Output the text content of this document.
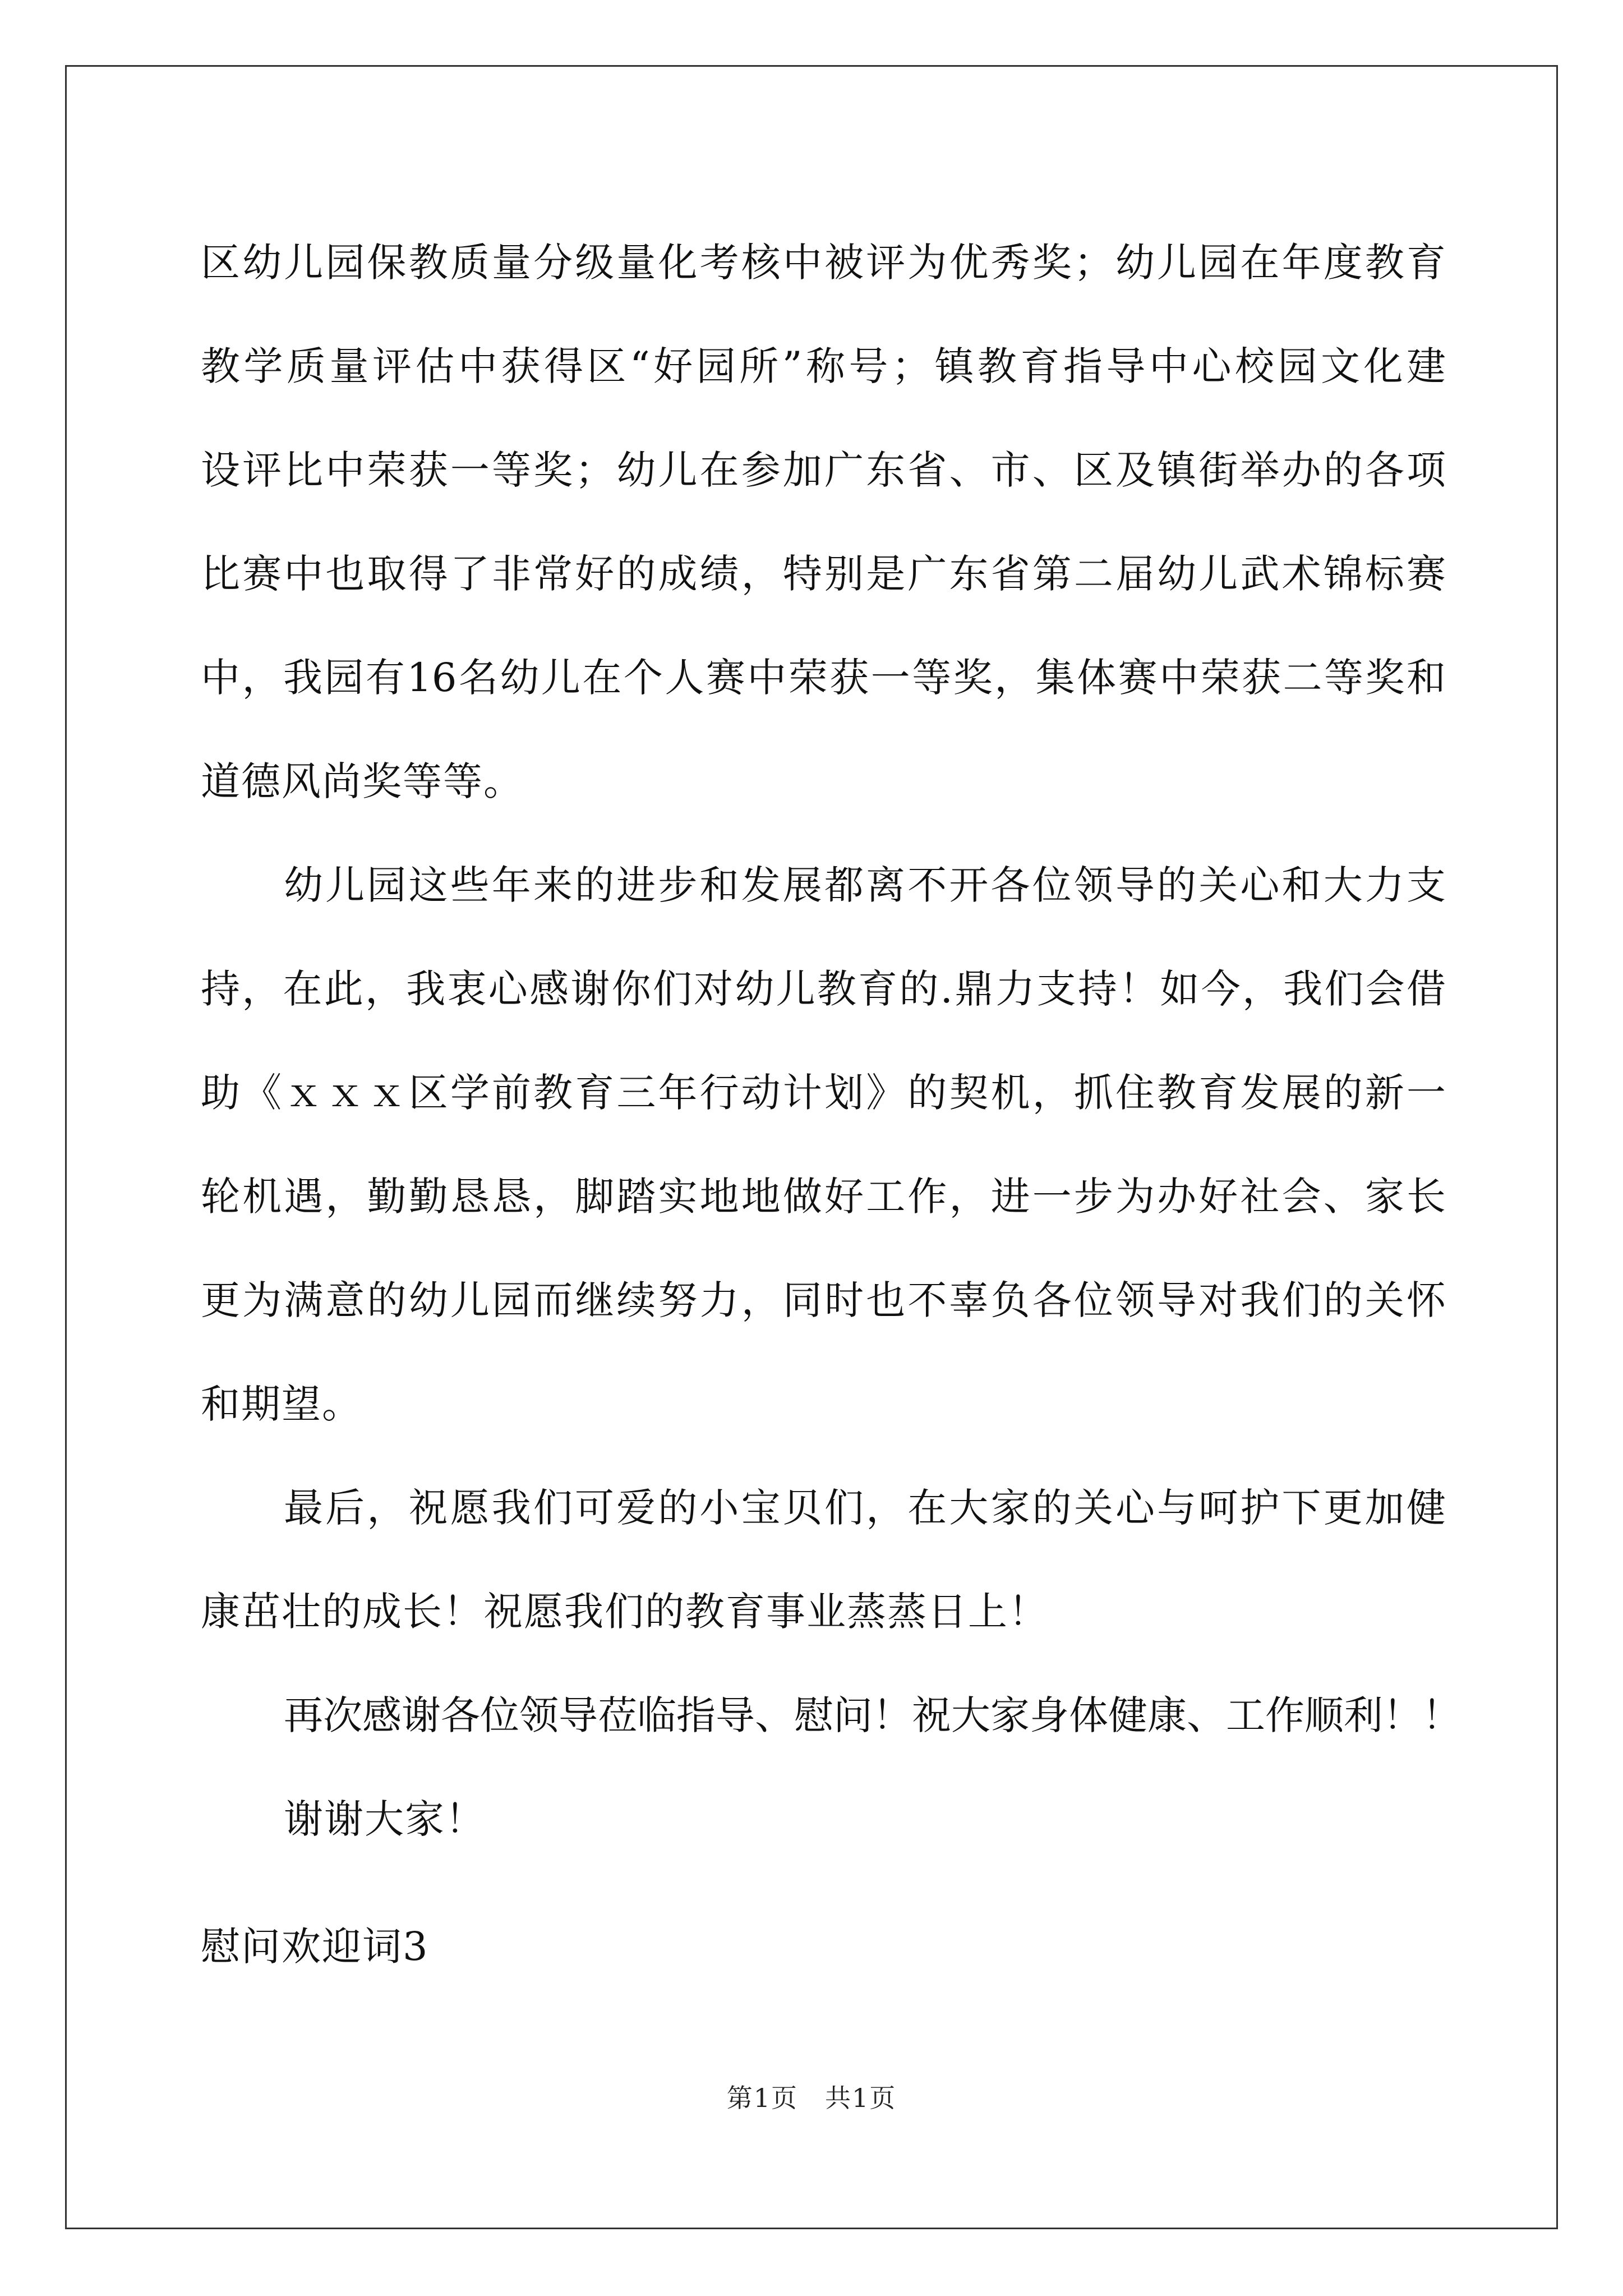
区幼儿园保教质量分级量化考核中被评为优秀奖；幼儿园在年度教育
教学质量评估中获得区“好园所”称号；镇教育指导中心校园文化建
设评比中荣获一等奖；幼儿在参加广东省、市、区及镇街举办的各项
比赛中也取得了非常好的成绩，特别是广东省第二届幼儿武术锦标赛
中，我园有16名幼儿在个人赛中荣获一等奖，集体赛中荣获二等奖和
道德风尚奖等等。
幼儿园这些年来的进步和发展都离不开各位领导的关心和大力支
持，在此，我衷心感谢你们对幼儿教育的.鼎力支持！如今，我们会借
助《ｘｘｘ区学前教育三年行动计划》的契机，抓住教育发展的新一
轮机遇，勤勤恳恳，脚踏实地地做好工作，进一步为办好社会、家长
更为满意的幼儿园而继续努力，同时也不辜负各位领导对我们的关怀
和期望。
最后，祝愿我们可爱的小宝贝们，在大家的关心与呵护下更加健
康茁壮的成长！祝愿我们的教育事业蒸蒸日上！
再次感谢各位领导莅临指导、慰问！祝大家身体健康、工作顺利！！
谢谢大家！
慰问欢迎词3
第1页　共1页
